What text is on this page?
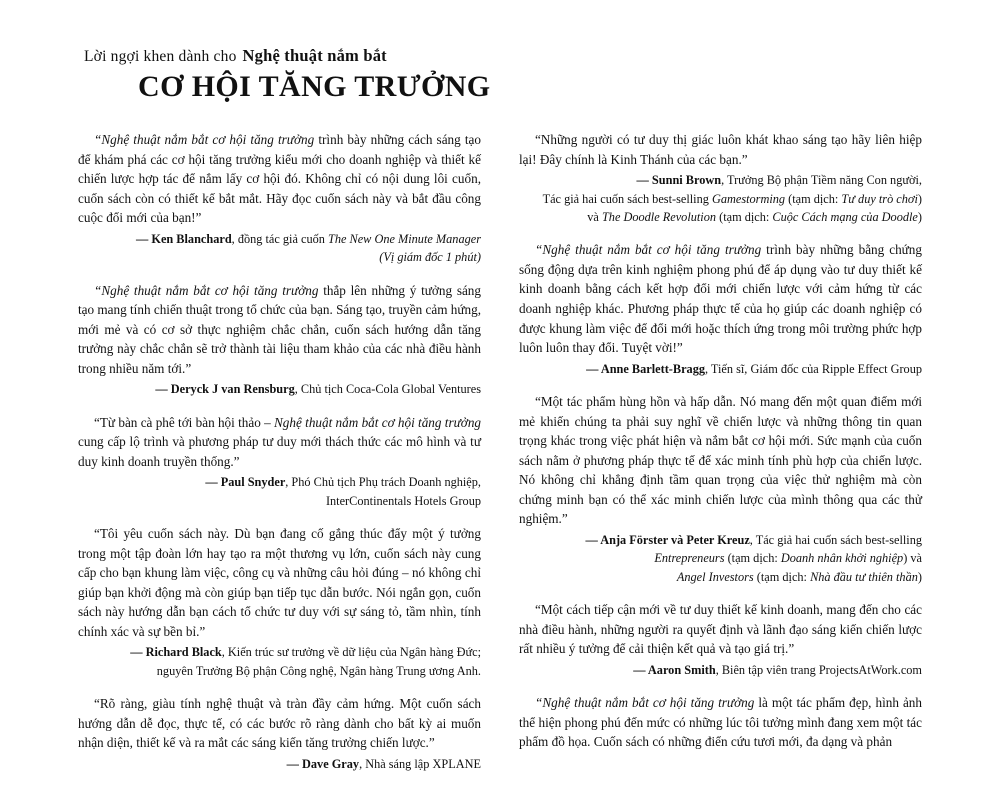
Lời ngợi khen dành cho Nghệ thuật nắm bắt
CƠ HỘI TĂNG TRƯỞNG

“Nghệ thuật nắm bắt cơ hội tăng trưởng trình bày những cách sáng tạo để khám phá các cơ hội tăng trưởng kiểu mới cho doanh nghiệp và thiết kế chiến lược hợp tác để nắm lấy cơ hội đó. Không chỉ có nội dung lôi cuốn, cuốn sách còn có thiết kế bắt mắt. Hãy đọc cuốn sách này và bắt đầu công cuộc đổi mới của bạn!”

— Ken Blanchard, đồng tác giả cuốn The New One Minute Manager

(Vị giám đốc 1 phút)

“Nghệ thuật nắm bắt cơ hội tăng trưởng thắp lên những ý tưởng sáng tạo mang tính chiến thuật trong tổ chức của bạn. Sáng tạo, truyền cảm hứng, mới mẻ và có cơ sở thực nghiệm chắc chắn, cuốn sách hướng dẫn tăng trưởng này chắc chắn sẽ trở thành tài liệu tham khảo của các nhà điều hành trong nhiều năm tới.”

— Deryck J van Rensburg, Chủ tịch Coca-Cola Global Ventures

“Từ bàn cà phê tới bàn hội thảo – Nghệ thuật nắm bắt cơ hội tăng trưởng cung cấp lộ trình và phương pháp tư duy mới thách thức các mô hình và tư duy kinh doanh truyền thống.”

— Paul Snyder, Phó Chủ tịch Phụ trách Doanh nghiệp,

InterContinentals Hotels Group

“Tôi yêu cuốn sách này. Dù bạn đang cố gắng thúc đẩy một ý tưởng trong một tập đoàn lớn hay tạo ra một thương vụ lớn, cuốn sách này cung cấp cho bạn khung làm việc, công cụ và những câu hỏi đúng – nó không chỉ giúp bạn khởi động mà còn giúp bạn tiếp tục dẫn bước. Nói ngắn gọn, cuốn sách này hướng dẫn bạn cách tổ chức tư duy với sự sáng tỏ, tầm nhìn, tính chính xác và sự bền bỉ.”

— Richard Black, Kiến trúc sư trưởng về dữ liệu của Ngân hàng Đức;

nguyên Trưởng Bộ phận Công nghệ, Ngân hàng Trung ương Anh.

“Rõ ràng, giàu tính nghệ thuật và tràn đầy cảm hứng. Một cuốn sách hướng dẫn dễ đọc, thực tế, có các bước rõ ràng dành cho bất kỳ ai muốn nhận diện, thiết kế và ra mắt các sáng kiến tăng trưởng chiến lược.”

— Dave Gray, Nhà sáng lập XPLANE

“Những người có tư duy thị giác luôn khát khao sáng tạo hãy liên hiệp lại! Đây chính là Kinh Thánh của các bạn.”

— Sunni Brown, Trưởng Bộ phận Tiềm năng Con người,

Tác giả hai cuốn sách best-selling Gamestorming (tạm dịch: Tư duy trò chơi)

và The Doodle Revolution (tạm dịch: Cuộc Cách mạng của Doodle)

“Nghệ thuật nắm bắt cơ hội tăng trưởng trình bày những bằng chứng sống động dựa trên kinh nghiệm phong phú để áp dụng vào tư duy thiết kế kinh doanh bằng cách kết hợp đổi mới chiến lược với cảm hứng từ các doanh nghiệp khác. Phương pháp thực tế của họ giúp các doanh nghiệp có được khung làm việc để đổi mới hoặc thích ứng trong môi trường phức hợp luôn luôn thay đổi. Tuyệt vời!”

— Anne Barlett-Bragg, Tiến sĩ, Giám đốc của Ripple Effect Group

“Một tác phẩm hùng hồn và hấp dẫn. Nó mang đến một quan điểm mới mẻ khiến chúng ta phải suy nghĩ về chiến lược và những thông tin quan trọng khác trong việc phát hiện và nắm bắt cơ hội mới. Sức mạnh của cuốn sách nằm ở phương pháp thực tế để xác minh tính phù hợp của chiến lược. Nó không chỉ khẳng định tầm quan trọng của việc thử nghiệm mà còn chứng minh bạn có thể xác minh chiến lược của mình thông qua các thử nghiệm.”

— Anja Förster và Peter Kreuz, Tác giả hai cuốn sách best-selling

Entrepreneurs (tạm dịch: Doanh nhân khởi nghiệp) và

Angel Investors (tạm dịch: Nhà đầu tư thiên thần)

“Một cách tiếp cận mới về tư duy thiết kế kinh doanh, mang đến cho các nhà điều hành, những người ra quyết định và lãnh đạo sáng kiến chiến lược rất nhiều ý tưởng để cải thiện kết quả và tạo giá trị.”

— Aaron Smith, Biên tập viên trang ProjectsAtWork.com

“Nghệ thuật nắm bắt cơ hội tăng trưởng là một tác phẩm đẹp, hình ảnh thể hiện phong phú đến mức có những lúc tôi tưởng mình đang xem một tác phẩm đồ họa. Cuốn sách có những điển cứu tươi mới, đa dạng và phản
